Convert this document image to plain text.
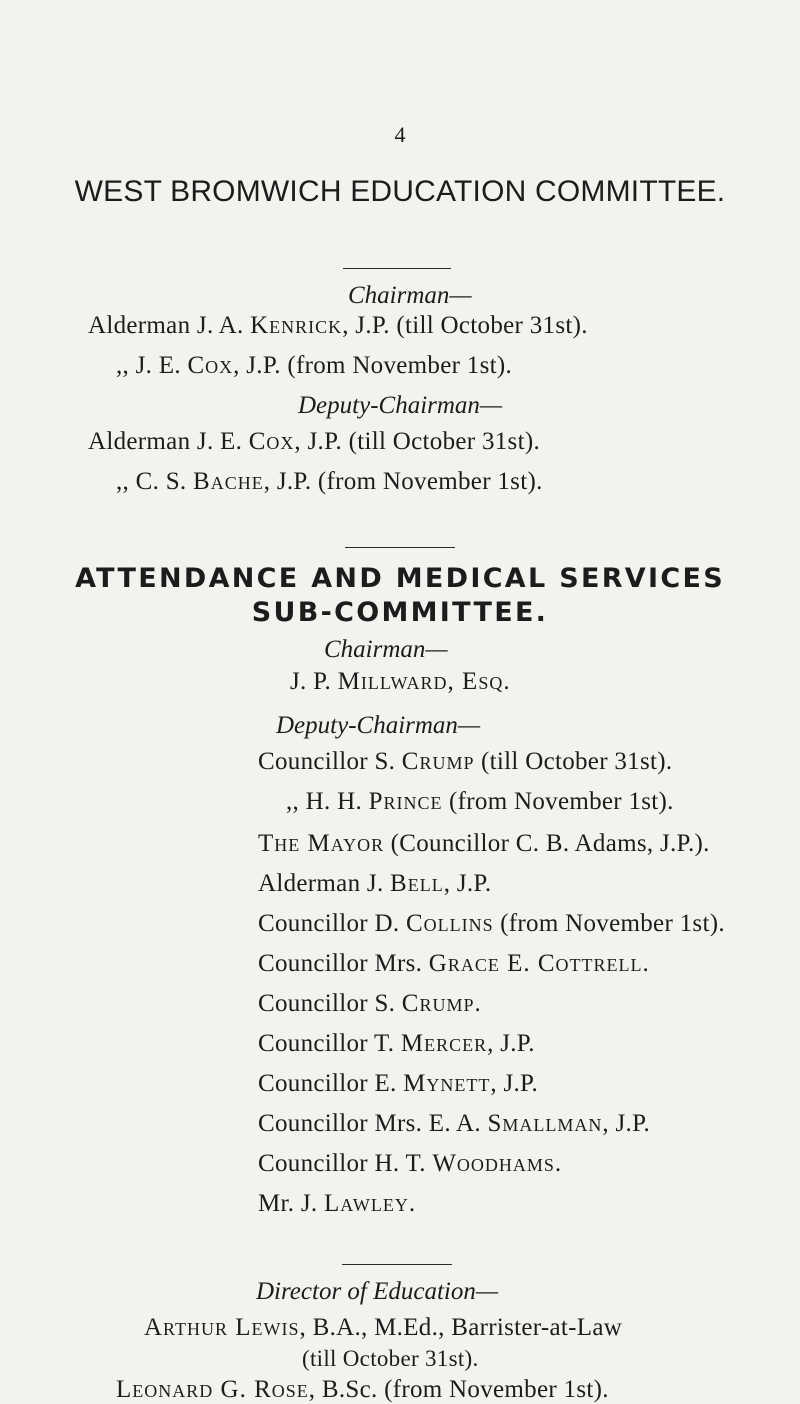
4
WEST BROMWICH EDUCATION COMMITTEE.
Chairman—
Alderman J. A. Kenrick, J.P. (till October 31st).
,, J. E. Cox, J.P. (from November 1st).
Deputy-Chairman—
Alderman J. E. Cox, J.P. (till October 31st).
,, C. S. Bache, J.P. (from November 1st).
ATTENDANCE AND MEDICAL SERVICES
SUB-COMMITTEE.
Chairman—
J. P. Millward, Esq.
Deputy-Chairman—
Councillor S. Crump (till October 31st).
,, H. H. Prince (from November 1st).
The Mayor (Councillor C. B. Adams, J.P.).
Alderman J. Bell, J.P.
Councillor D. Collins (from November 1st).
Councillor Mrs. Grace E. Cottrell.
Councillor S. Crump.
Councillor T. Mercer, J.P.
Councillor E. Mynett, J.P.
Councillor Mrs. E. A. Smallman, J.P.
Councillor H. T. Woodhams.
Mr. J. Lawley.
Director of Education—
Arthur Lewis, B.A., M.Ed., Barrister-at-Law
(till October 31st).
Leonard G. Rose, B.Sc. (from November 1st).
